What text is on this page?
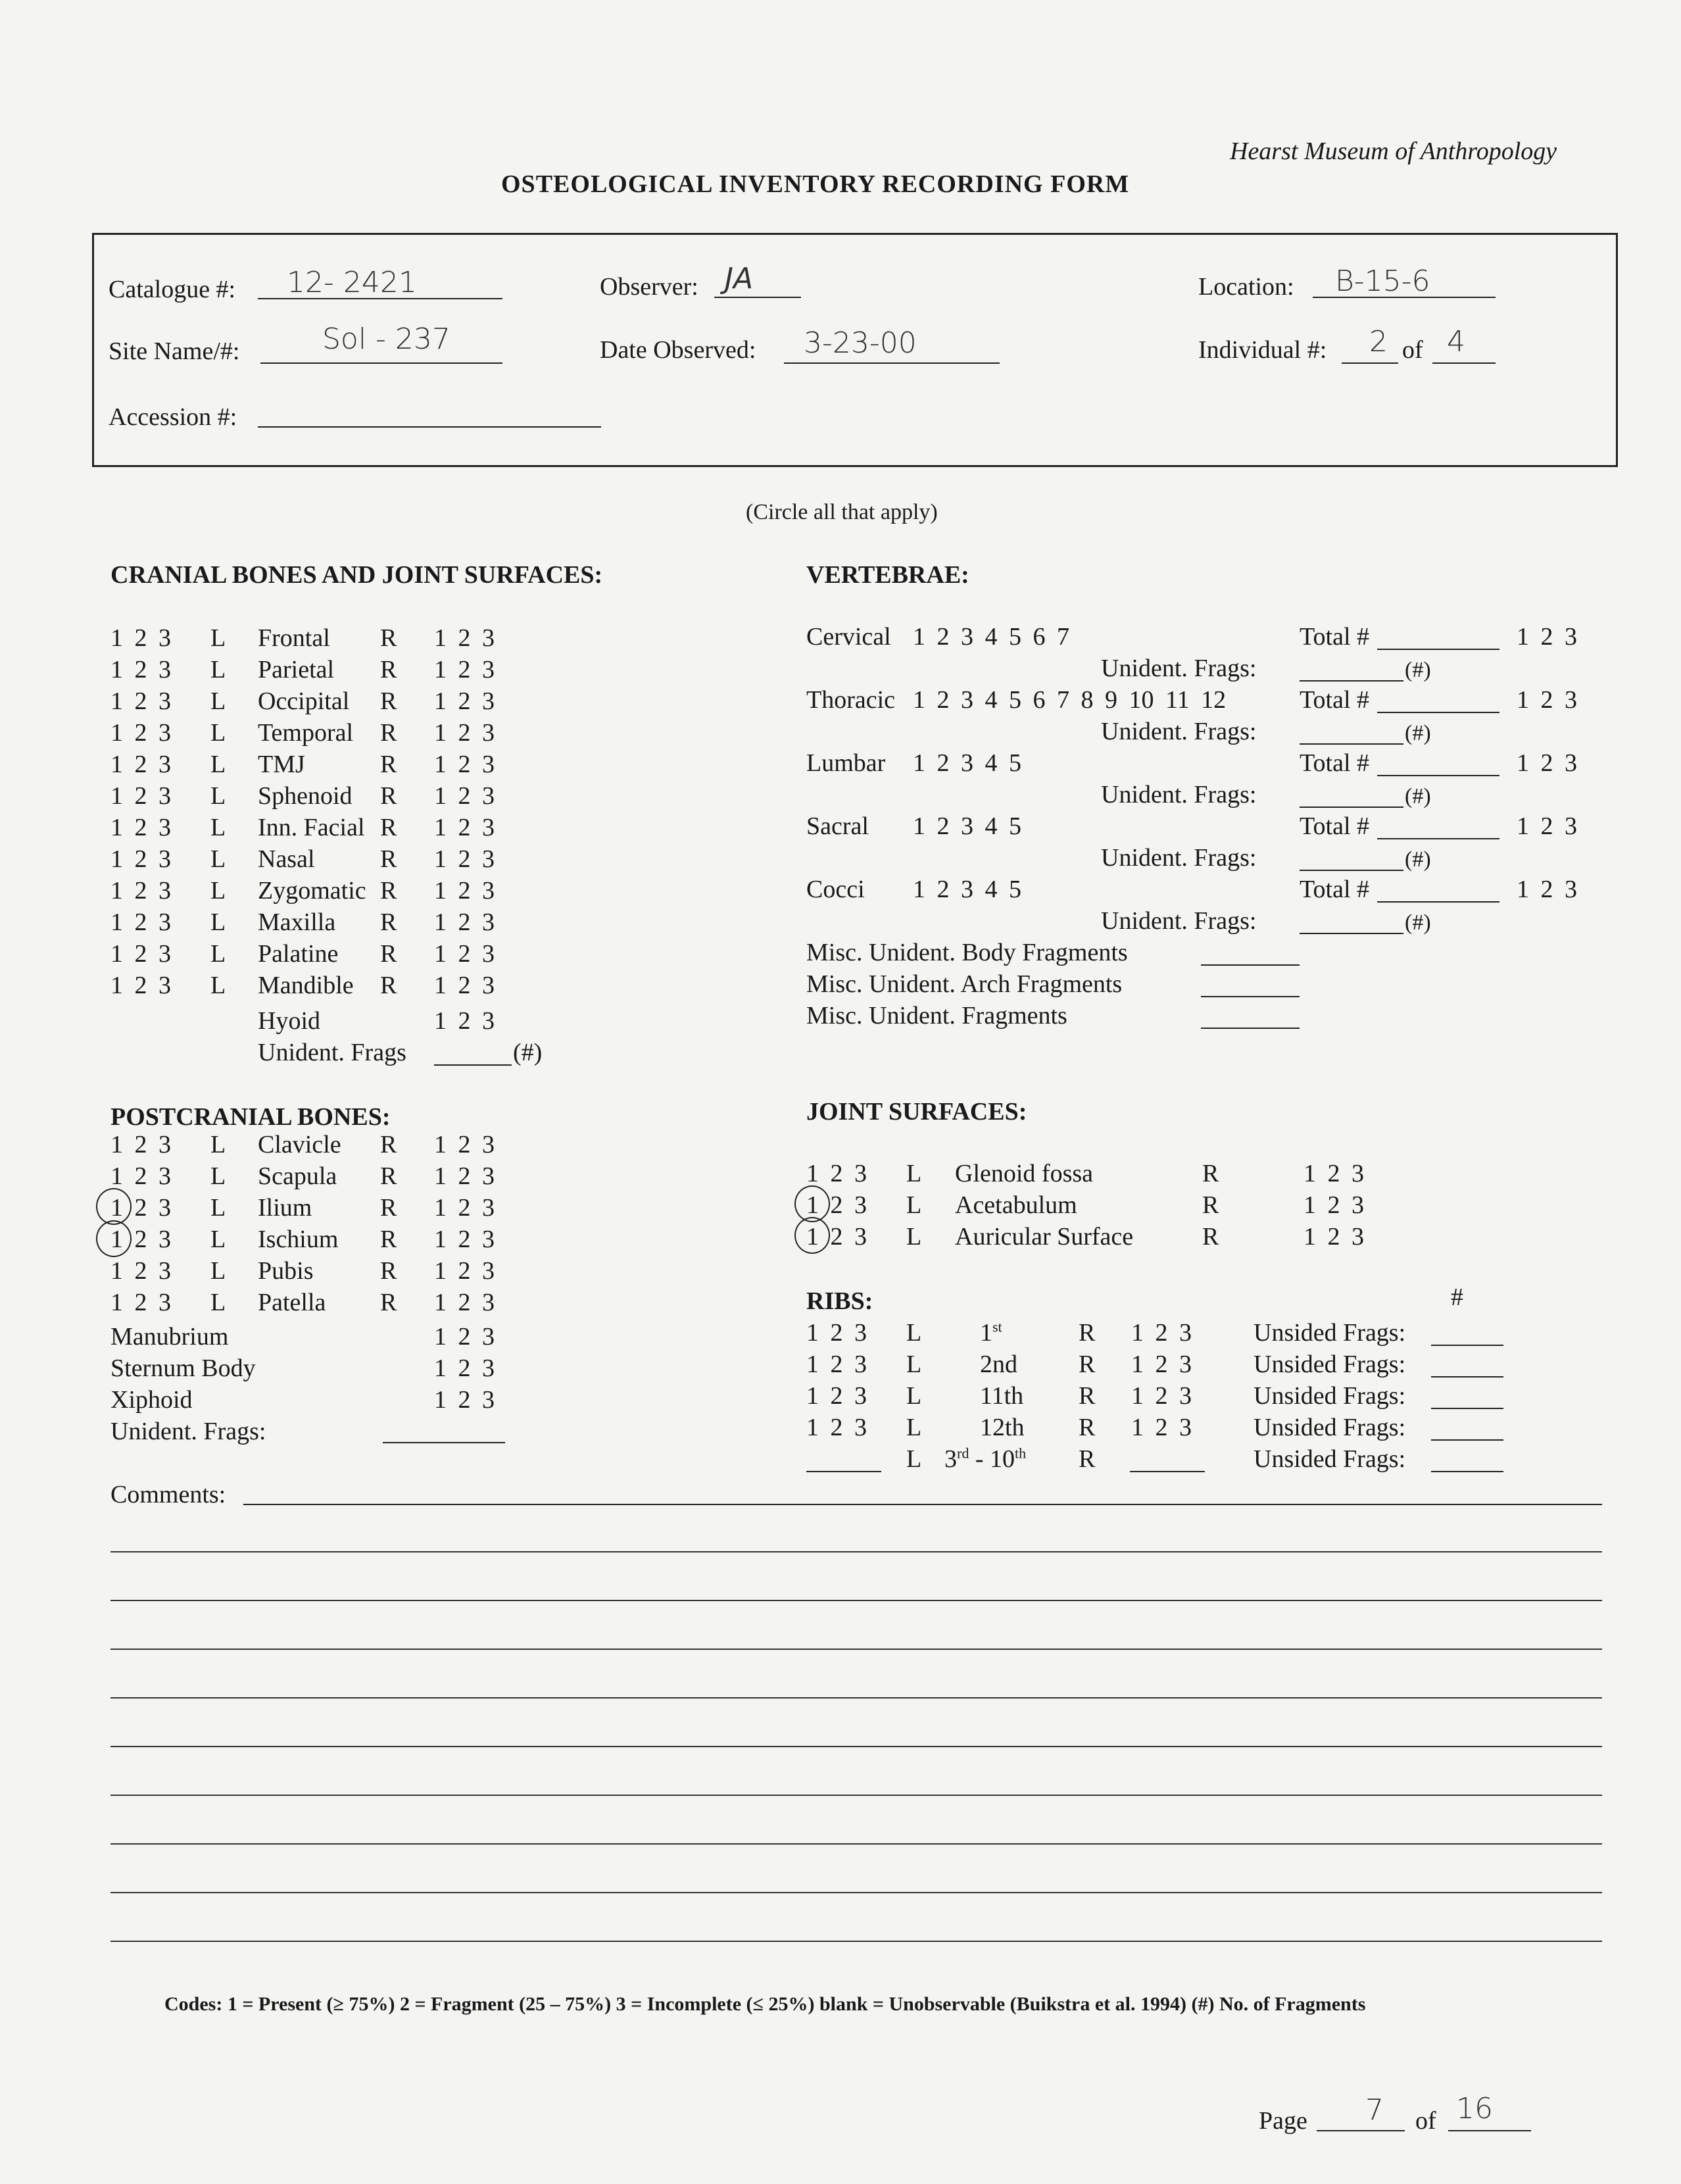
Hearst Museum of Anthropology
OSTEOLOGICAL INVENTORY RECORDING FORM
Catalogue #: 12- 2421	Observer: JA	Location: B-15-6
Site Name/#:	Sol - 237	Date Observed: 3-23-00	Individual #: 2 of 4
Accession #:
(Circle all that apply)
CRANIAL BONES AND JOINT SURFACES:
1 2 3 L Frontal R 1 2 3
1 2 3 L Parietal R 1 2 3
1 2 3 L Occipital R 1 2 3
1 2 3 L Temporal R 1 2 3
1 2 3 L TMJ	R 1 2 3
1 2 3 L Sphenoid R 1 2 3
1 2 3 L Inn. Facial R 1 2 3
1 2 3 L Nasal	R 1 2 3
1 2 3 L Zygomatic R 1 2 3
1 2 3 L Maxilla R 1 2 3
1 2 3 L Palatine R 1 2 3
1 2 3 L Mandible R 1 2 3
Hyoid	1 2 3
Unident. Frags	(#)
VERTEBRAE:
Cervical 1 2 3 4 5 6 7	Total #	1 2 3
Unident. Frags:	(#)
Thoracic 1 2 3 4 5 6 7 8 9 10 11 12	Total #	1 2 3
Unident. Frags:	(#)
Lumbar 1 2 3 4 5	Total #	1 2 3
Unident. Frags:	(#)
Sacral 1 2 3 4 5	Total #	1 2 3
Unident. Frags:	(#)
Cocci 1 2 3 4 5	Total #	1 2 3
Unident. Frags:	(#)
Misc. Unident. Body Fragments
Misc. Unident. Arch Fragments
Misc. Unident. Fragments
POSTCRANIAL BONES:
1 2 3 L Clavicle R 1 2 3
1 2 3 L Scapula R 1 2 3
1 2 3 L Ilium	R 1 2 3
1 2 3 L Ischium R 1 2 3
1 2 3 L Pubis	R 1 2 3
1 2 3 L Patella R 1 2 3
Manubrium	1 2 3
Sternum Body	1 2 3
Xiphoid	1 2 3
Unident. Frags:
JOINT SURFACES:
1 2 3 L Glenoid fossa	R	1 2 3
1 2 3 L Acetabulum	R	1 2 3
1 2 3 L Auricular Surface	R	1 2 3
RIBS:	#
1 2 3 L 1st	R 1 2 3 Unsided Frags:
1 2 3 L 2nd R 1 2 3 Unsided Frags:
1 2 3 L 11th R 1 2 3 Unsided Frags:
1 2 3 L 12th R 1 2 3 Unsided Frags:
L 3rd - 10th R	Unsided Frags:
Comments:
Codes: 1 = Present (≥ 75%) 2 = Fragment (25 – 75%) 3 = Incomplete (≤ 25%) blank = Unobservable (Buikstra et al. 1994) (#) No. of Fragments
Page 7 of 16
